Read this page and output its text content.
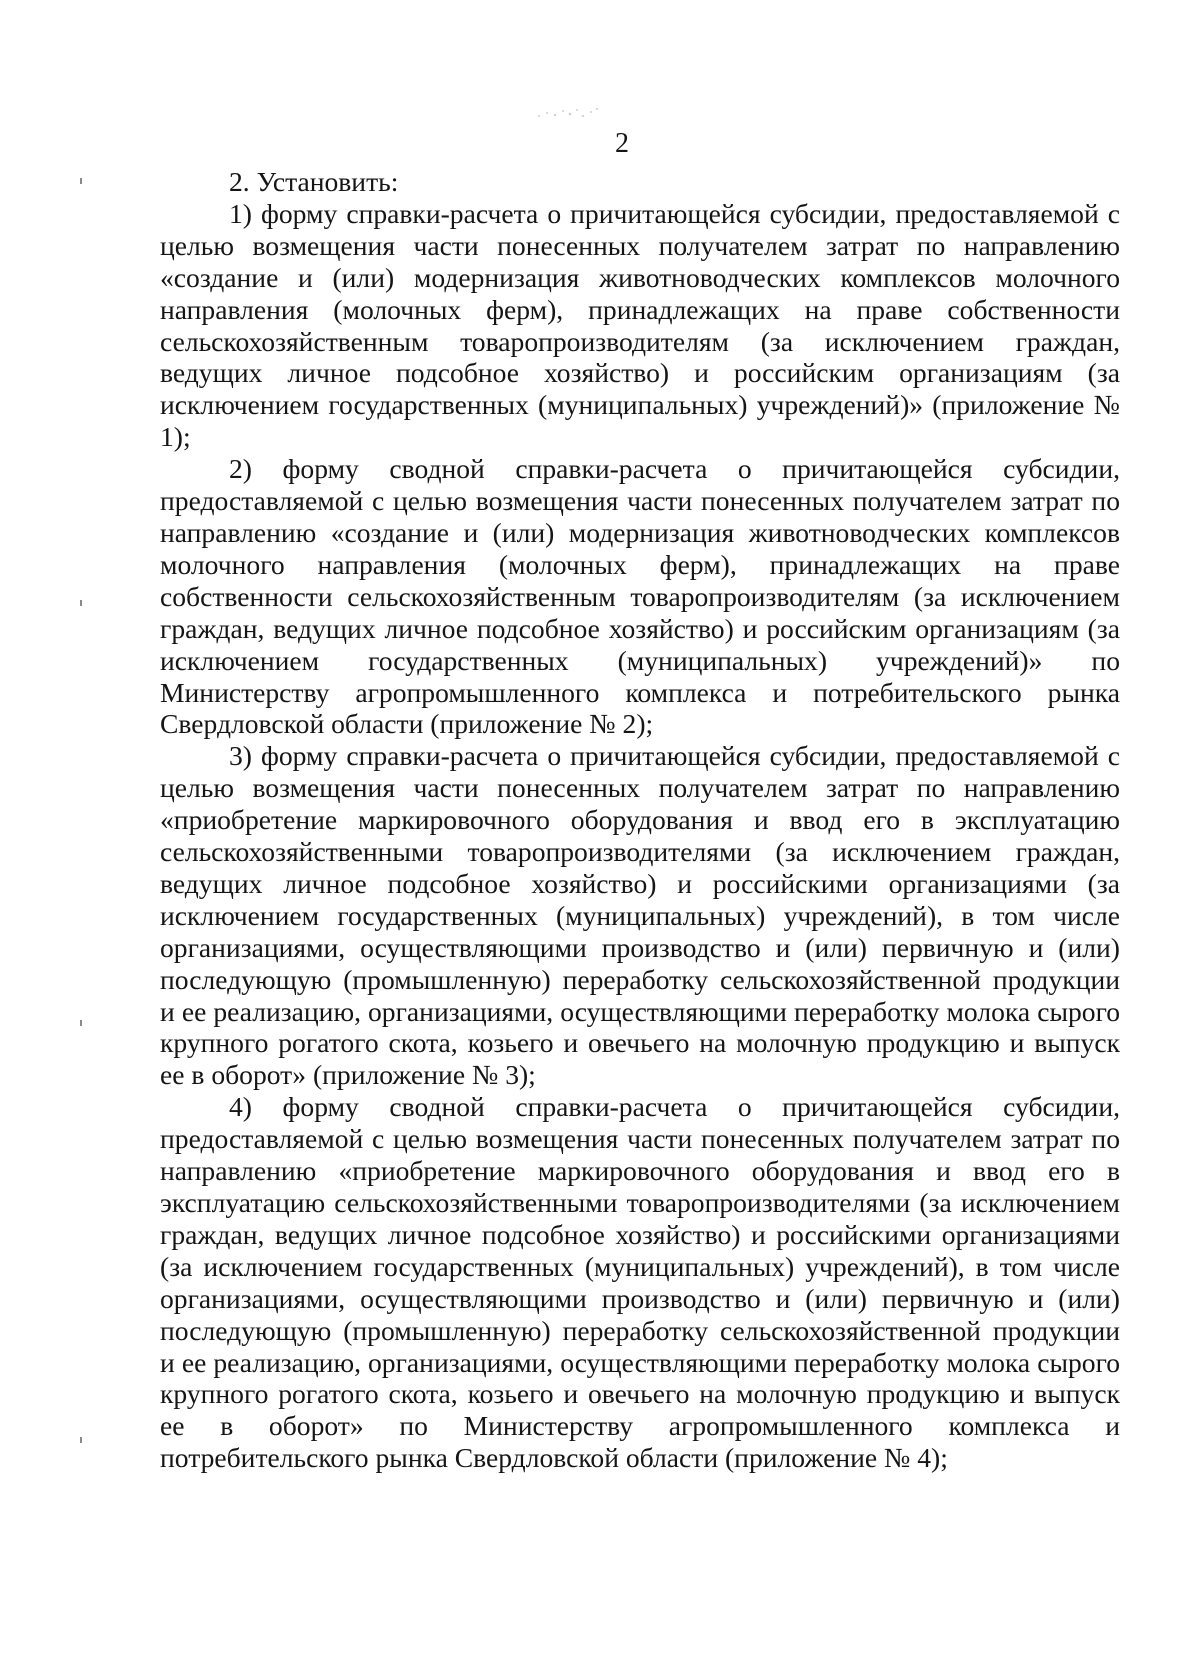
2

2. Установить:

1) форму справки-расчета о причитающейся субсидии, предоставляемой с целью возмещения части понесенных получателем затрат по направлению «создание и (или) модернизация животноводческих комплексов молочного направления (молочных ферм), принадлежащих на праве собственности сельскохозяйственным товаропроизводителям (за исключением граждан, ведущих личное подсобное хозяйство) и российским организациям (за исключением государственных (муниципальных) учреждений)» (приложение № 1);

2) форму сводной справки-расчета о причитающейся субсидии, предоставляемой с целью возмещения части понесенных получателем затрат по направлению «создание и (или) модернизация животноводческих комплексов молочного направления (молочных ферм), принадлежащих на праве собственности сельскохозяйственным товаропроизводителям (за исключением граждан, ведущих личное подсобное хозяйство) и российским организациям (за исключением государственных (муниципальных) учреждений)» по Министерству агропромышленного комплекса и потребительского рынка Свердловской области (приложение № 2);

3) форму справки-расчета о причитающейся субсидии, предоставляемой с целью возмещения части понесенных получателем затрат по направлению «приобретение маркировочного оборудования и ввод его в эксплуатацию сельскохозяйственными товаропроизводителями (за исключением граждан, ведущих личное подсобное хозяйство) и российскими организациями (за исключением государственных (муниципальных) учреждений), в том числе организациями, осуществляющими производство и (или) первичную и (или) последующую (промышленную) переработку сельскохозяйственной продукции и ее реализацию, организациями, осуществляющими переработку молока сырого крупного рогатого скота, козьего и овечьего на молочную продукцию и выпуск ее в оборот» (приложение № 3);

4) форму сводной справки-расчета о причитающейся субсидии, предоставляемой с целью возмещения части понесенных получателем затрат по направлению «приобретение маркировочного оборудования и ввод его в эксплуатацию сельскохозяйственными товаропроизводителями (за исключением граждан, ведущих личное подсобное хозяйство) и российскими организациями (за исключением государственных (муниципальных) учреждений), в том числе организациями, осуществляющими производство и (или) первичную и (или) последующую (промышленную) переработку сельскохозяйственной продукции и ее реализацию, организациями, осуществляющими переработку молока сырого крупного рогатого скота, козьего и овечьего на молочную продукцию и выпуск ее в оборот» по Министерству агропромышленного комплекса и потребительского рынка Свердловской области (приложение № 4);
